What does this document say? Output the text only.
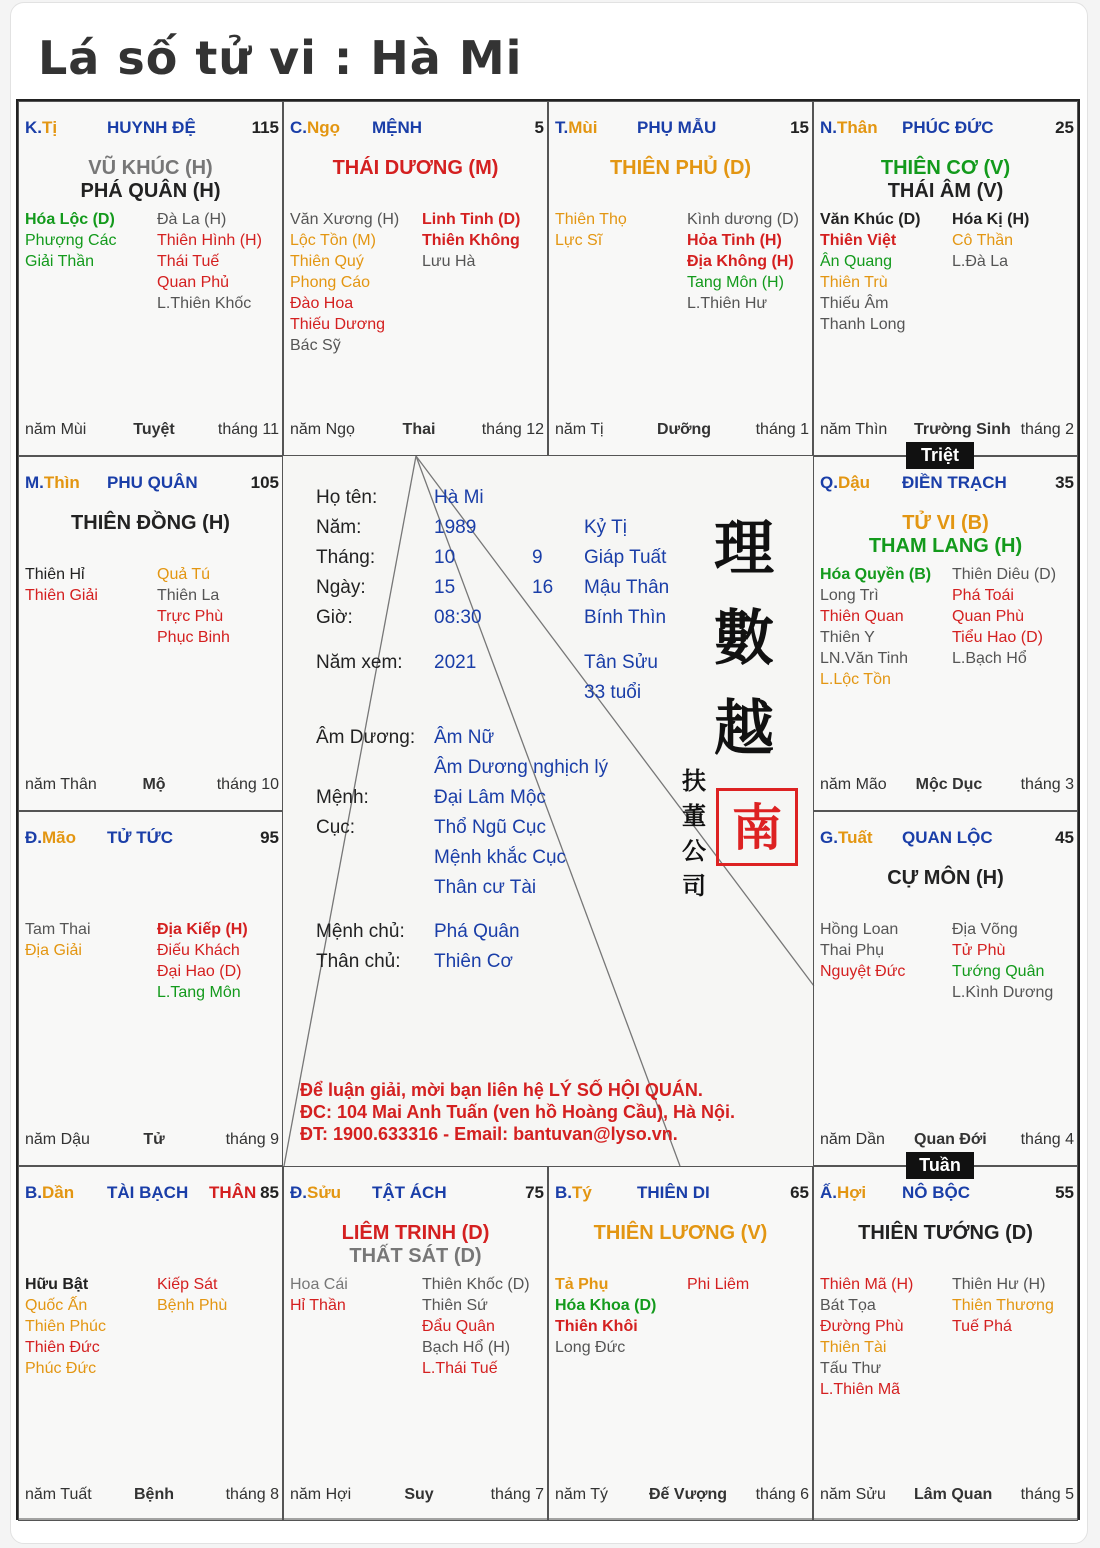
Lá số tử vi : Hà Mi
K.Tị	HUYNH ĐỆ	115
VŨ KHÚC (H)
PHÁ QUÂN (H)
Hóa Lộc (D)
Phượng Các
Giải Thần
Đà La (H)
Thiên Hình (H)
Thái Tuế
Quan Phủ
L.Thiên Khốc
năm Mùi	Tuyệt	tháng 11
C.Ngọ MỆNH	5
THÁI DƯƠNG (M)
Văn Xương (H)
Lộc Tồn (M)
Thiên Quý
Phong Cáo
Đào Hoa
Thiếu Dương
Bác Sỹ
Linh Tinh (D)
Thiên Không
Lưu Hà
năm Ngọ	Thai	tháng 12
T.Mùi PHỤ MẪU	15
THIÊN PHỦ (D)
Thiên Thọ
Lực Sĩ
Kình dương (D)
Hỏa Tinh (H)
Địa Không (H)
Tang Môn (H)
L.Thiên Hư
năm Tị	Dưỡng	tháng 1
N.Thân PHÚC ĐỨC	25
THIÊN CƠ (V)
THÁI ÂM (V)
Văn Khúc (D)
Thiên Việt
Ân Quang
Thiên Trù
Thiếu Âm
Thanh Long
Hóa Kị (H)
Cô Thần
L.Đà La
năm Thìn Trường Sinh tháng 2
M.Thìn PHU QUÂN	105
THIÊN ĐỒNG (H)
Thiên Hỉ
Thiên Giải
Quả Tú
Thiên La
Trực Phù
Phục Binh
năm Thân	Mộ	tháng 10
Q.Dậu ĐIỀN TRẠCH	35
TỬ VI (B)
THAM LANG (H)
Hóa Quyền (B)
Long Trì
Thiên Quan
Thiên Y
LN.Văn Tinh
L.Lộc Tồn
Thiên Diêu (D)
Phá Toái
Quan Phù
Tiểu Hao (D)
L.Bạch Hổ
năm Mão Mộc Dục	tháng 3
Đ.Mão TỬ TỨC	95
Tam Thai
Địa Giải
Địa Kiếp (H)
Điếu Khách
Đại Hao (D)
L.Tang Môn
năm Dậu	Tử	tháng 9
G.Tuất QUAN LỘC	45
CỰ MÔN (H)
Hồng Loan
Thai Phụ
Nguyệt Đức
Địa Võng
Tử Phù
Tướng Quân
L.Kình Dương
năm Dần Quan Đới	tháng 4
B.Dần TÀI BẠCH THÂN 85
Hữu Bật
Quốc Ấn
Thiên Phúc
Thiên Đức
Phúc Đức
Kiếp Sát
Bệnh Phù
năm Tuất	Bệnh	tháng 8
Đ.Sửu TẬT ÁCH	75
LIÊM TRINH (D)
THẤT SÁT (D)
Hoa Cái
Hỉ Thần
Thiên Khốc (D)
Thiên Sứ
Đẩu Quân
Bạch Hổ (H)
L.Thái Tuế
năm Hợi	Suy	tháng 7
B.Tý	THIÊN DI	65
THIÊN LƯƠNG (V)
Tả Phụ
Hóa Khoa (D)
Thiên Khôi
Long Đức
Phi Liêm
năm Tý	Đế Vượng	tháng 6
Ấ.Hợi NÔ BỘC	55
THIÊN TƯỚNG (D)
Thiên Mã (H)
Bát Tọa
Đường Phù
Thiên Tài
Tấu Thư
L.Thiên Mã
Thiên Hư (H)
Thiên Thương
Tuế Phá
năm Sửu Lâm Quan	tháng 5
Họ tên:	Hà Mi
Năm:	1989	Kỷ Tị
Tháng:	10	9 Giáp Tuất
Ngày:	15	16 Mậu Thân
Giờ:	08:30	Bính Thìn
Năm xem: 2021	Tân Sửu
33 tuổi
Âm Dương: Âm Nữ
Âm Dương nghịch lý
Mệnh:	Đại Lâm Mộc
Cục:	Thổ Ngũ Cục
Mệnh khắc Cục
Thân cư Tài
Mệnh chủ: Phá Quân
Thân chủ: Thiên Cơ
理
數
越
扶
董
公
司
南
Để luận giải, mời bạn liên hệ LÝ SỐ HỘI QUÁN.
ĐC: 104 Mai Anh Tuấn (ven hồ Hoàng Cầu), Hà Nội.
ĐT: 1900.633316 - Email: bantuvan@lyso.vn.
Triệt
Tuần
